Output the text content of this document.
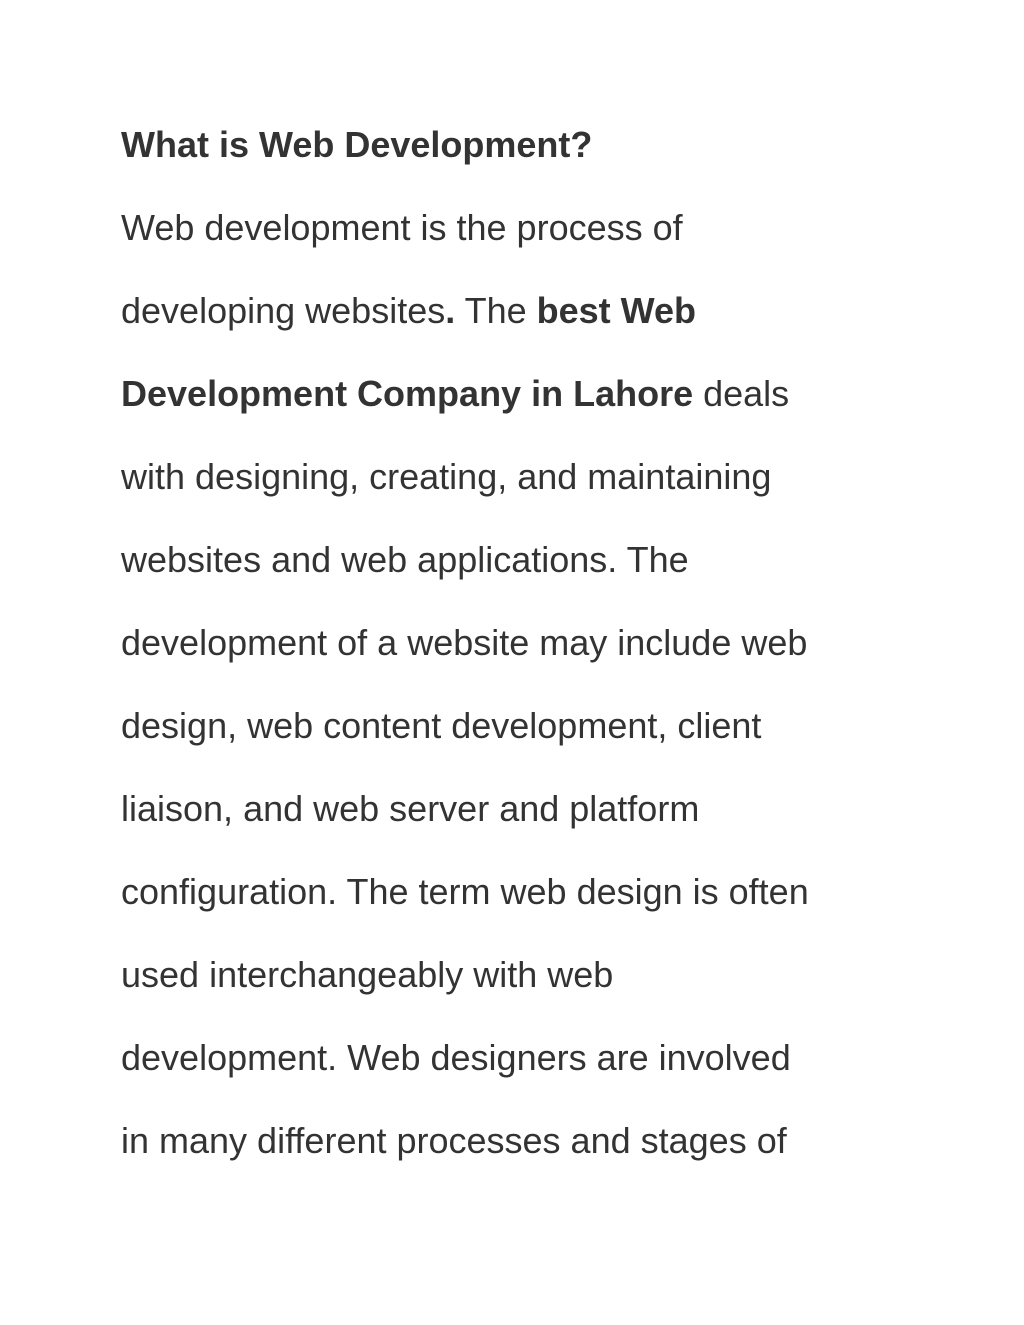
What is Web Development?
Web development is the process of
developing websites. The best Web
Development Company in Lahore deals
with designing, creating, and maintaining
websites and web applications. The
development of a website may include web
design, web content development, client
liaison, and web server and platform
configuration. The term web design is often
used interchangeably with web
development. Web designers are involved
in many different processes and stages of
